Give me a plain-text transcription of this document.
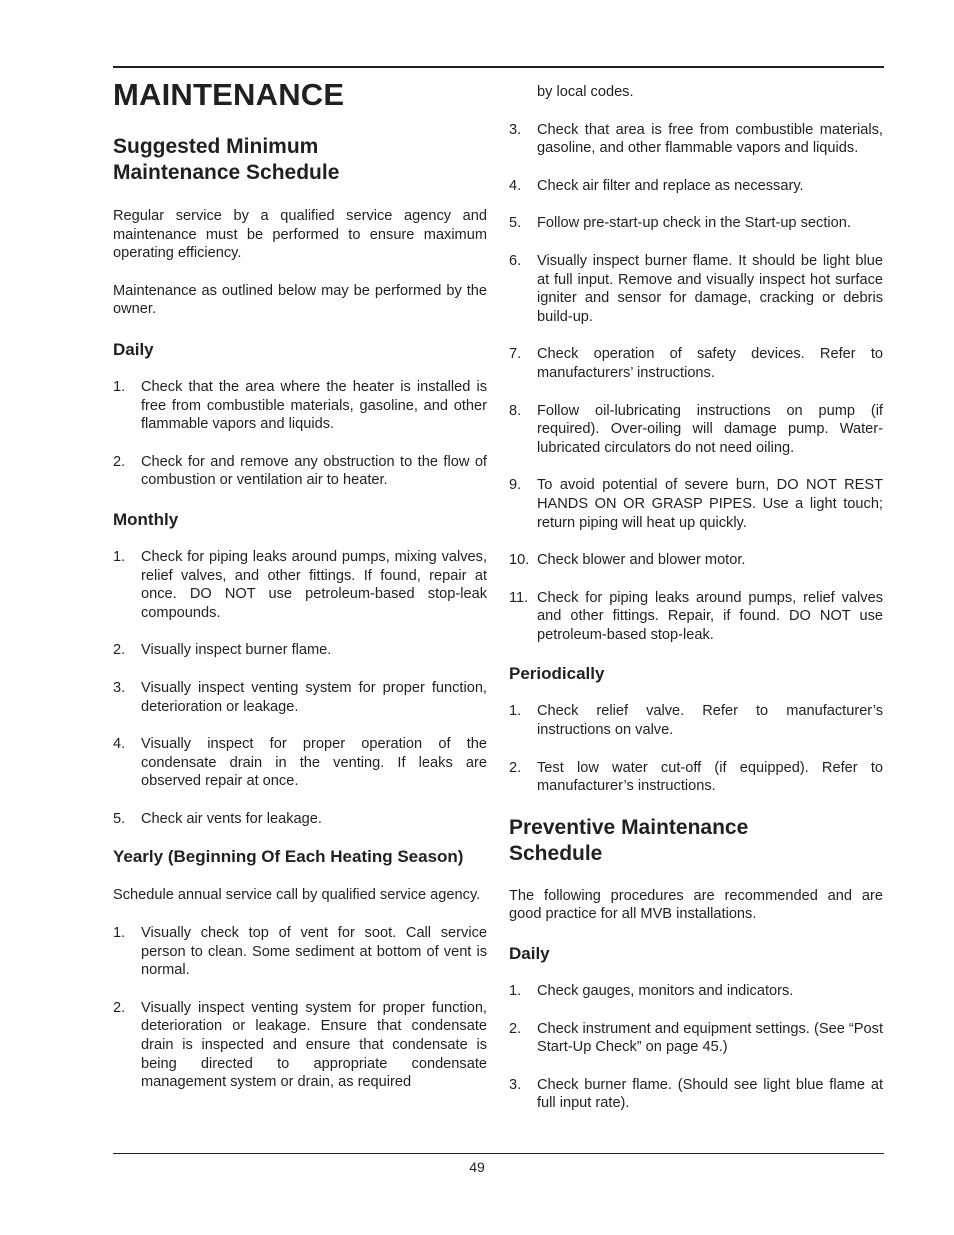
MAINTENANCE
Suggested Minimum Maintenance Schedule

Regular service by a qualified service agency and maintenance must be performed to ensure maximum operating efficiency.

Maintenance as outlined below may be performed by the owner.

Daily
1. Check that the area where the heater is installed is free from combustible materials, gasoline, and other flammable vapors and liquids.
2. Check for and remove any obstruction to the flow of combustion or ventilation air to heater.
Monthly
1. Check for piping leaks around pumps, mixing valves, relief valves, and other fittings. If found, repair at once. DO NOT use petroleum-based stop-leak compounds.
2. Visually inspect burner flame.
3. Visually inspect venting system for proper function, deterioration or leakage.
4. Visually inspect for proper operation of the condensate drain in the venting. If leaks are observed repair at once.
5. Check air vents for leakage.
Yearly (Beginning Of Each Heating Season)

Schedule annual service call by qualified service agency.

1. Visually check top of vent for soot. Call service person to clean. Some sediment at bottom of vent is normal.
2. Visually inspect venting system for proper function, deterioration or leakage. Ensure that condensate drain is inspected and ensure that condensate is being directed to appropriate condensate management system or drain, as required

by local codes.

3. Check that area is free from combustible materials, gasoline, and other flammable vapors and liquids.
4. Check air filter and replace as necessary.
5. Follow pre-start-up check in the Start-up section.
6. Visually inspect burner flame. It should be light blue at full input. Remove and visually inspect hot surface igniter and sensor for damage, cracking or debris build-up.
7. Check operation of safety devices. Refer to manufacturers’ instructions.
8. Follow oil-lubricating instructions on pump (if required). Over-oiling will damage pump. Water-lubricated circulators do not need oiling.
9. To avoid potential of severe burn, DO NOT REST HANDS ON OR GRASP PIPES. Use a light touch; return piping will heat up quickly.
10. Check blower and blower motor.
11. Check for piping leaks around pumps, relief valves and other fittings. Repair, if found. DO NOT use petroleum-based stop-leak.
Periodically
1. Check relief valve. Refer to manufacturer’s instructions on valve.
2. Test low water cut-off (if equipped). Refer to manufacturer’s instructions.
Preventive Maintenance Schedule

The following procedures are recommended and are good practice for all MVB installations.

Daily
1. Check gauges, monitors and indicators.
2. Check instrument and equipment settings. (See “Post Start-Up Check” on page 45.)
3. Check burner flame. (Should see light blue flame at full input rate).
49
